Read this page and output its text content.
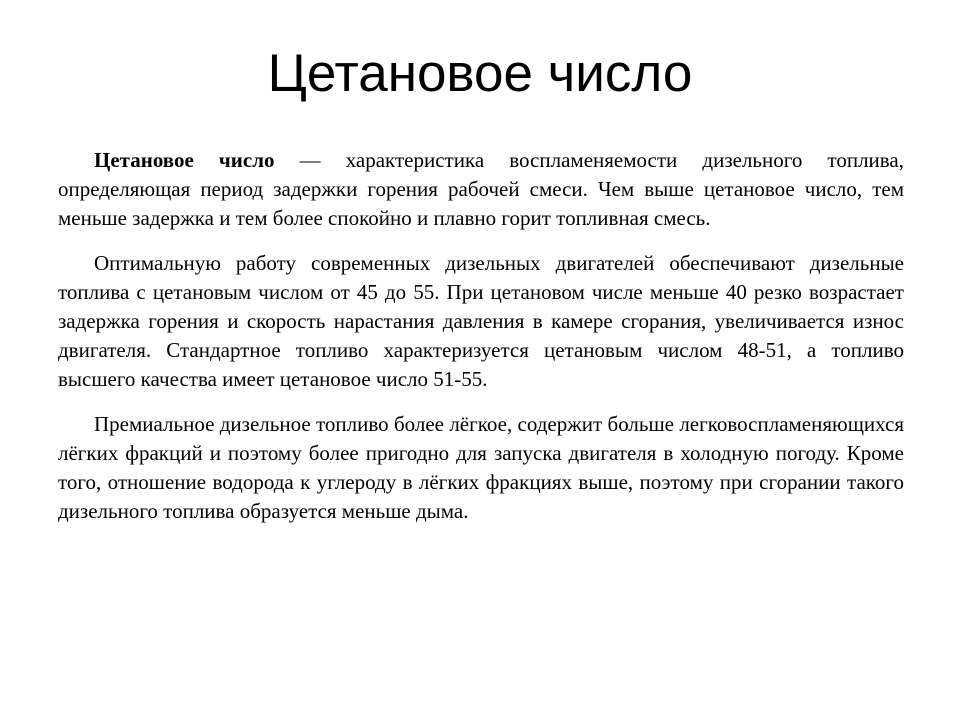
Цетановое число

Цетановое число — характеристика воспламеняемости дизельного топлива, определяющая период задержки горения рабочей смеси. Чем выше цетановое число, тем меньше задержка и тем более спокойно и плавно горит топливная смесь.

Оптимальную работу современных дизельных двигателей обеспечивают дизельные топлива с цетановым числом от 45 до 55. При цетановом числе меньше 40 резко возрастает задержка горения и скорость нарастания давления в камере сгорания, увеличивается износ двигателя. Стандартное топливо характеризуется цетановым числом 48-51, а топливо высшего качества имеет цетановое число 51-55.

Премиальное дизельное топливо более лёгкое, содержит больше легковоспламеняющихся лёгких фракций и поэтому более пригодно для запуска двигателя в холодную погоду. Кроме того, отношение водорода к углероду в лёгких фракциях выше, поэтому при сгорании такого дизельного топлива образуется меньше дыма.
